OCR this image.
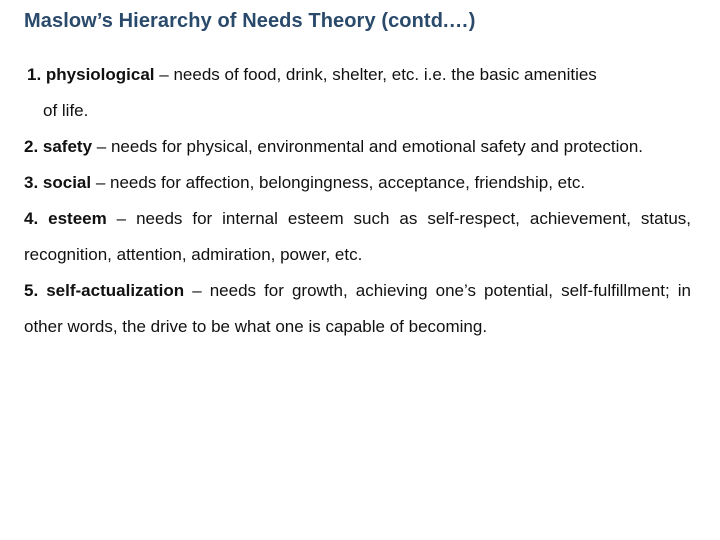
Maslow’s Hierarchy of Needs Theory (contd.…)

1. physiological – needs of food, drink, shelter, etc. i.e. the basic amenities
of life.

2. safety – needs for physical, environmental and emotional safety and protection.

3. social – needs for affection, belongingness, acceptance, friendship, etc.

4. esteem – needs for internal esteem such as self-respect, achievement, status, recognition, attention, admiration, power, etc.

5. self-actualization – needs for growth, achieving one’s potential, self-fulfillment; in other words, the drive to be what one is capable of becoming.
